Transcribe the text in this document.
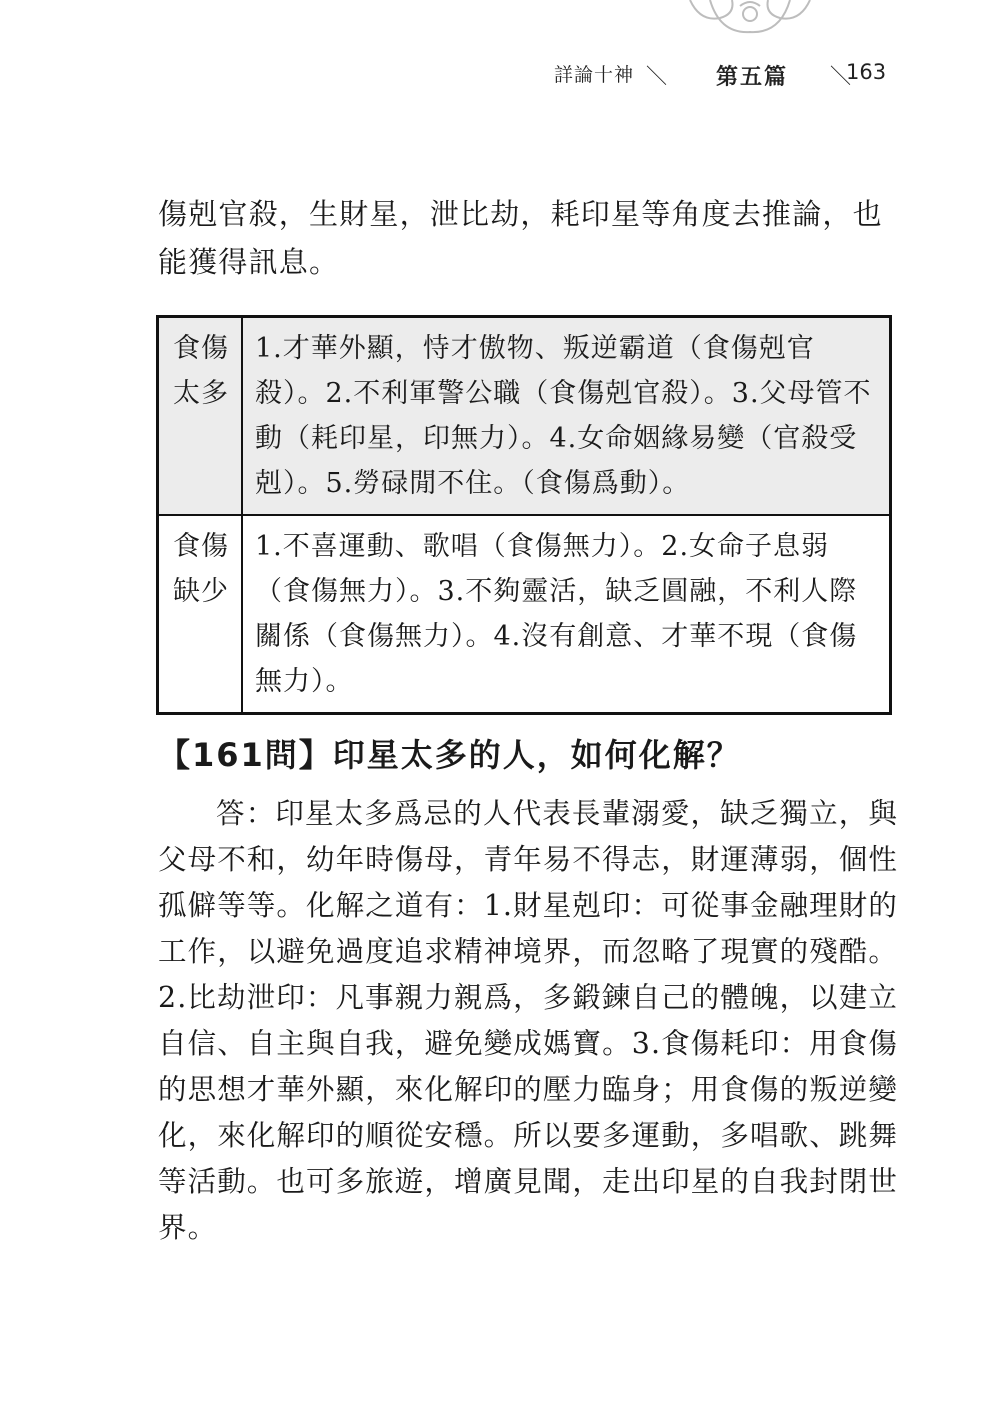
詳論十神 ＼ 第五篇 ＼
163
傷剋官殺，生財星，泄比劫，耗印星等角度去推論，也能獲得訊息。
食傷
太多	1.才華外顯，恃才傲物、叛逆霸道（食傷剋官殺）。2.不利軍警公職（食傷剋官殺）。3.父母管不動（耗印星，印無力）。4.女命姻緣易變（官殺受剋）。5.勞碌閒不住。（食傷爲動）。

食傷
缺少	1.不喜運動、歌唱（食傷無力）。2.女命子息弱（食傷無力）。3.不夠靈活，缺乏圓融，不利人際關係（食傷無力）。4.沒有創意、才華不現（食傷無力）。
【161問】印星太多的人，如何化解？
答：印星太多爲忌的人代表長輩溺愛，缺乏獨立，與父母不和，幼年時傷母，青年易不得志，財運薄弱，個性孤僻等等。化解之道有：1.財星剋印：可從事金融理財的工作，以避免過度追求精神境界，而忽略了現實的殘酷。2.比劫泄印：凡事親力親爲，多鍛鍊自己的體魄，以建立自信、自主與自我，避免變成媽寶。3.食傷耗印：用食傷的思想才華外顯，來化解印的壓力臨身；用食傷的叛逆變化，來化解印的順從安穩。所以要多運動，多唱歌、跳舞等活動。也可多旅遊，增廣見聞，走出印星的自我封閉世界。
